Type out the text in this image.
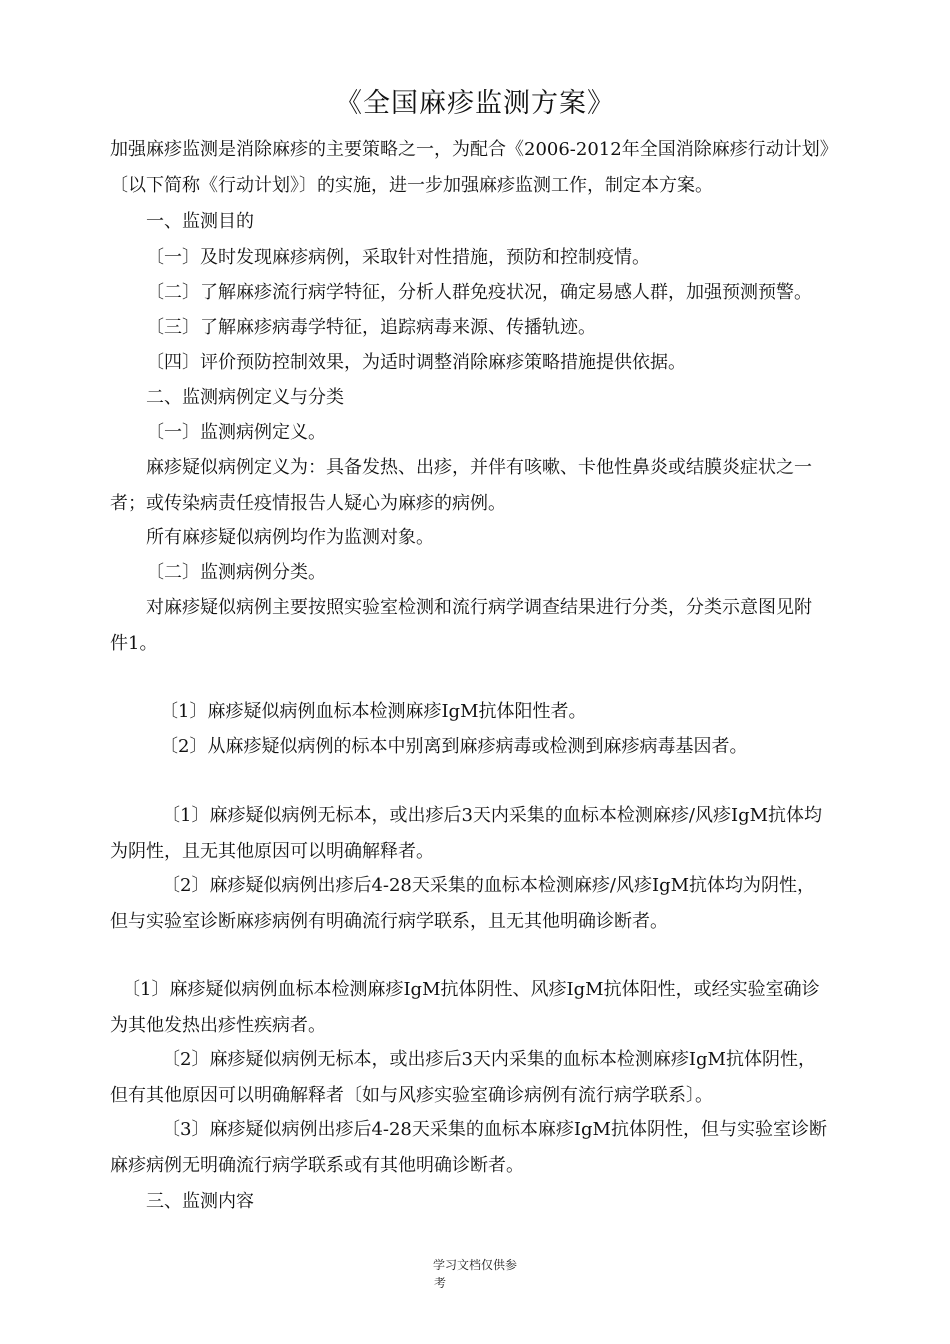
《全国麻疹监测方案》
加强麻疹监测是消除麻疹的主要策略之一，为配合《2006-2012年全国消除麻疹行动计划》
〔以下简称《行动计划》〕的实施，进一步加强麻疹监测工作，制定本方案。
一、监测目的
〔一〕及时发现麻疹病例，采取针对性措施，预防和控制疫情。
〔二〕了解麻疹流行病学特征，分析人群免疫状况，确定易感人群，加强预测预警。
〔三〕了解麻疹病毒学特征，追踪病毒来源、传播轨迹。
〔四〕评价预防控制效果，为适时调整消除麻疹策略措施提供依据。
二、监测病例定义与分类
〔一〕监测病例定义。
麻疹疑似病例定义为：具备发热、出疹，并伴有咳嗽、卡他性鼻炎或结膜炎症状之一
者；或传染病责任疫情报告人疑心为麻疹的病例。
所有麻疹疑似病例均作为监测对象。
〔二〕监测病例分类。
对麻疹疑似病例主要按照实验室检测和流行病学调查结果进行分类，分类示意图见附
件1。
〔1〕麻疹疑似病例血标本检测麻疹IgM抗体阳性者。
〔2〕从麻疹疑似病例的标本中别离到麻疹病毒或检测到麻疹病毒基因者。
〔1〕麻疹疑似病例无标本，或出疹后3天内采集的血标本检测麻疹/风疹IgM抗体均
为阴性，且无其他原因可以明确解释者。
〔2〕麻疹疑似病例出疹后4-28天采集的血标本检测麻疹/风疹IgM抗体均为阴性，
但与实验室诊断麻疹病例有明确流行病学联系，且无其他明确诊断者。
〔1〕麻疹疑似病例血标本检测麻疹IgM抗体阴性、风疹IgM抗体阳性，或经实验室确诊
为其他发热出疹性疾病者。
〔2〕麻疹疑似病例无标本，或出疹后3天内采集的血标本检测麻疹IgM抗体阴性，
但有其他原因可以明确解释者〔如与风疹实验室确诊病例有流行病学联系〕。
〔3〕麻疹疑似病例出疹后4-28天采集的血标本麻疹IgM抗体阴性，但与实验室诊断
麻疹病例无明确流行病学联系或有其他明确诊断者。
三、监测内容
学习文档仅供参
考
